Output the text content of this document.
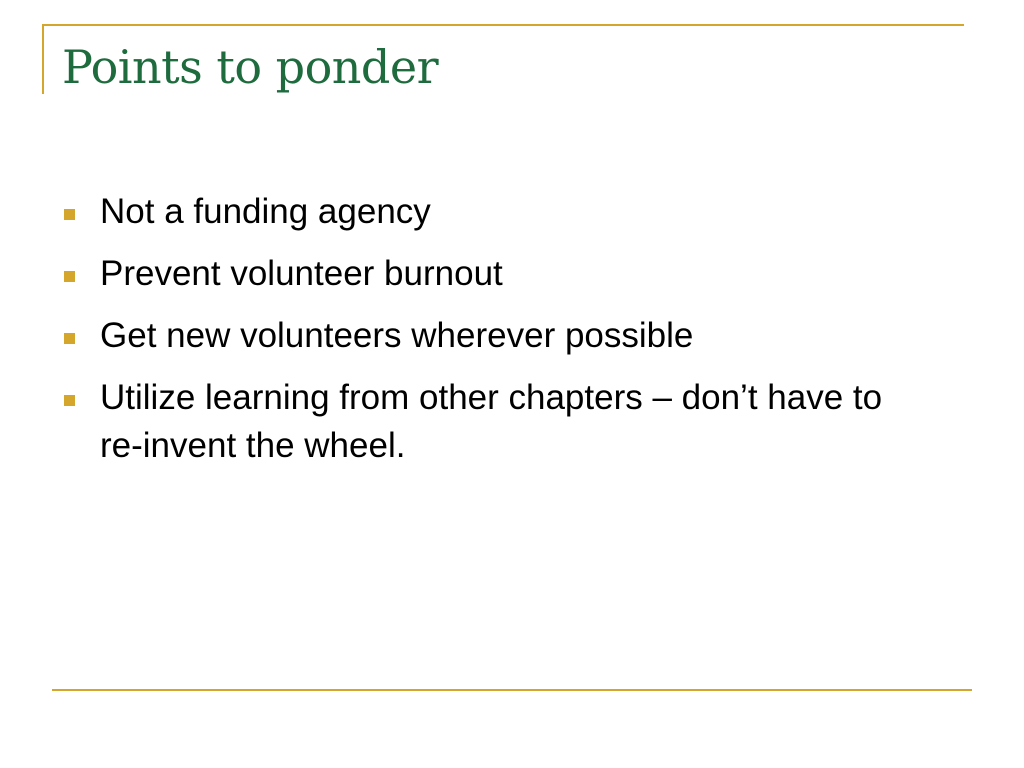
Points to ponder
Not a funding agency
Prevent volunteer burnout
Get new volunteers wherever possible
Utilize learning from other chapters – don’t have to re-invent the wheel.
